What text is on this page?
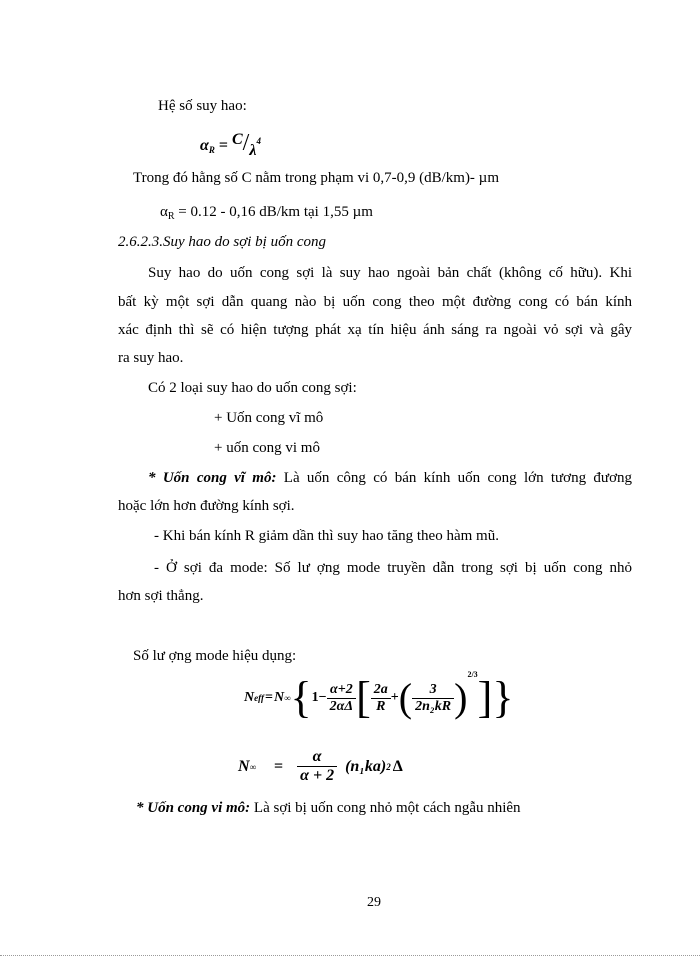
Hệ số suy hao:
$\alpha_R = C/\lambda^4$
Trong đó hằng số C nằm trong phạm vi 0,7-0,9 (dB/km)- µm
$\alpha_R = 0.12 - 0,16$ dB/km tại 1,55 µm
2.6.2.3.Suy hao do sợi bị uốn cong
Suy hao do uốn cong sợi là suy hao ngoài bản chất (không cố hữu). Khi
bất kỳ một sợi dẫn quang nào bị uốn cong theo một đường cong có bán kính
xác định thì sẽ có hiện tượng phát xạ tín hiệu ánh sáng ra ngoài vỏ sợi và gây
ra suy hao.
Có 2 loại suy hao do uốn cong sợi:
+ Uốn cong vĩ mô
+ uốn cong vi mô
* Uốn cong vĩ mô: Là uốn công có bán kính uốn cong lớn tương đương
hoặc lớn hơn đường kính sợi.
- Khi bán kính R giảm dần thì suy hao tăng theo hàm mũ.
- Ở sợi đa mode: Số lư ợng mode truyền dẫn trong sợi bị uốn cong nhỏ
hơn sợi thẳng.
Số lư ợng mode hiệu dụng:
N eff = N ∞ { $1- \frac{\alpha+2}{2\alpha\Delta}$ [ $\frac{2a}{R}$ + ( $\frac{3}{\text{2n₂kR}}$ )
2/3 ] }
N ∞ = $\frac{\alpha}{\alpha + 2} (n_1ka)$ 2 Δ
* Uốn cong vi mô: Là sợi bị uốn cong nhỏ một cách ngẫu nhiên
29
